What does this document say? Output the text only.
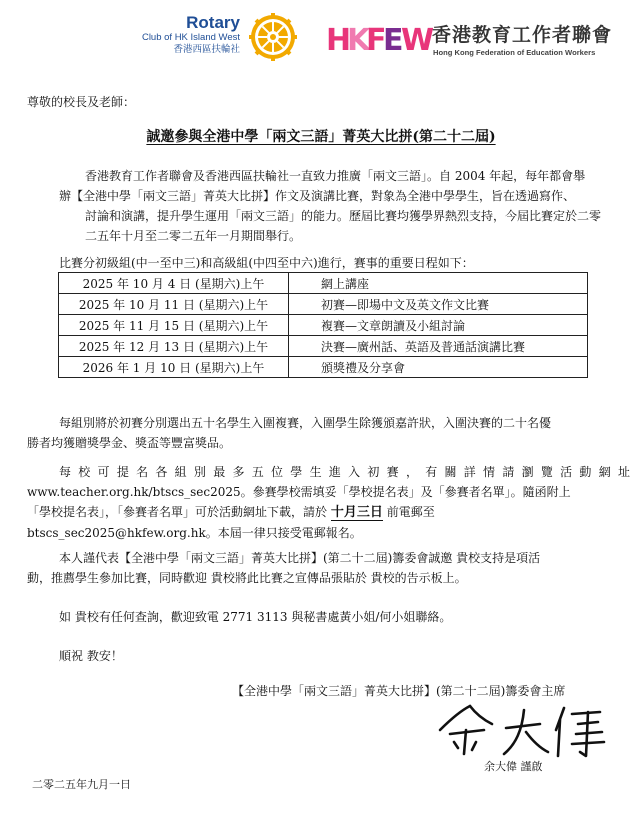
Rotary
Club of HK Island West
香港西區扶輪社	H
K
F
E
W
香港教育工作者聯會
Hong Kong Federation of Education Workers
尊敬的校長及老師：
誠邀參與全港中學「兩文三語」菁英大比拼(第二十二屆)
香港教育工作者聯會及香港西區扶輪社一直致力推廣「兩文三語」。自 2004 年起，每年都會舉
辦【全港中學「兩文三語」菁英大比拼】作文及演講比賽，對象為全港中學學生，旨在透過寫作、
討論和演講，提升學生運用「兩文三語」的能力。歷屆比賽均獲學界熱烈支持，今屆比賽定於二零
二五年十月至二零二五年一月期間舉行。
比賽分初級組(中一至中三)和高級組(中四至中六)進行，賽事的重要日程如下：
2025 年 10 月 4 日 (星期六)上午	網上講座
2025 年 10 月 11 日 (星期六)上午	初賽—即場中文及英文作文比賽
2025 年 11 月 15 日 (星期六)上午	複賽—文章朗讀及小組討論
2025 年 12 月 13 日 (星期六)上午	決賽—廣州話、英語及普通話演講比賽
2026 年 1 月 10 日 (星期六)上午	頒獎禮及分享會
每組別將於初賽分別選出五十名學生入圍複賽，入圍學生除獲頒嘉許狀，入圍決賽的二十名優
勝者均獲贈獎學金、獎盃等豐富獎品。
每校可提名各組別最多五位學生進入初賽，有關詳情請瀏覽活動網址
www.teacher.org.hk/btscs_sec2025。參賽學校需填妥「學校提名表」及「參賽者名單」。隨函附上
「學校提名表」，「參賽者名單」可於活動網址下載，請於 十月三日 前電郵至
btscs_sec2025@hkfew.org.hk。本屆一律只接受電郵報名。
本人謹代表【全港中學「兩文三語」菁英大比拼】(第二十二屆)籌委會誠邀 貴校支持是項活
動，推薦學生參加比賽，同時歡迎 貴校將此比賽之宣傳品張貼於 貴校的告示板上。
如 貴校有任何查詢，歡迎致電 2771 3113 與秘書處黃小姐/何小姐聯絡。
順祝 教安！
【全港中學「兩文三語」菁英大比拼】(第二十二屆)籌委會主席
余大偉 謹啟
二零二五年九月一日
